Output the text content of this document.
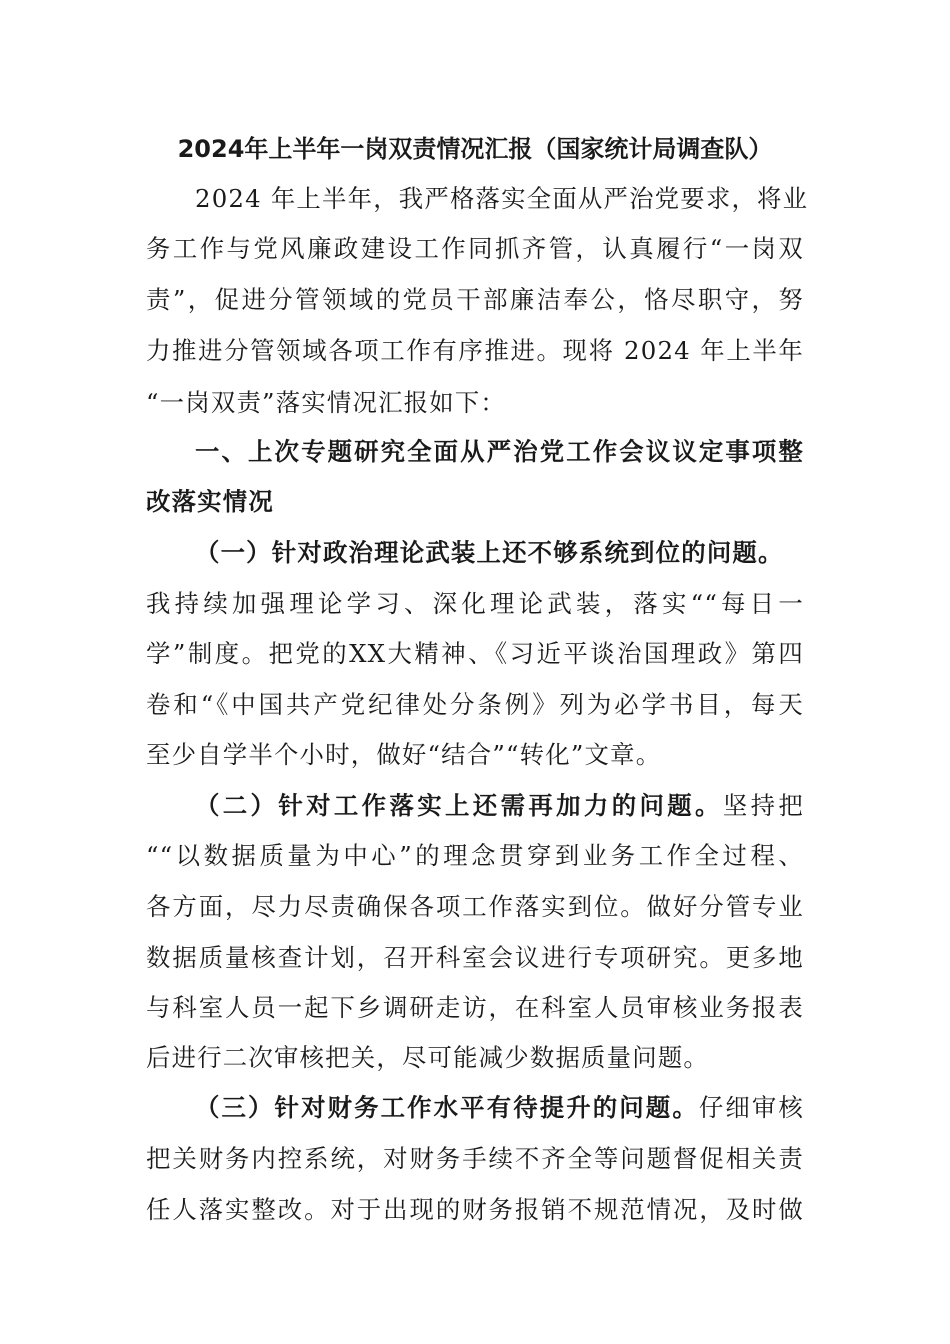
2024年上半年一岗双责情况汇报（国家统计局调查队）
2024 年上半年，我严格落实全面从严治党要求，将业
务工作与党风廉政建设工作同抓齐管，认真履行“一岗双
责”，促进分管领域的党员干部廉洁奉公，恪尽职守，努
力推进分管领域各项工作有序推进。现将 2024 年上半年
“一岗双责”落实情况汇报如下：
一、上次专题研究全面从严治党工作会议议定事项整
改落实情况
（一）针对政治理论武装上还不够系统到位的问题。
我持续加强理论学习、深化理论武装，落实““每日一
学”制度。把党的XX大精神、《习近平谈治国理政》第四
卷和“《中国共产党纪律处分条例》列为必学书目，每天
至少自学半个小时，做好“结合”“转化”文章。
（二）针对工作落实上还需再加力的问题。坚持把
““以数据质量为中心”的理念贯穿到业务工作全过程、
各方面，尽力尽责确保各项工作落实到位。做好分管专业
数据质量核查计划，召开科室会议进行专项研究。更多地
与科室人员一起下乡调研走访，在科室人员审核业务报表
后进行二次审核把关，尽可能减少数据质量问题。
（三）针对财务工作水平有待提升的问题。仔细审核
把关财务内控系统，对财务手续不齐全等问题督促相关责
任人落实整改。对于出现的财务报销不规范情况，及时做
